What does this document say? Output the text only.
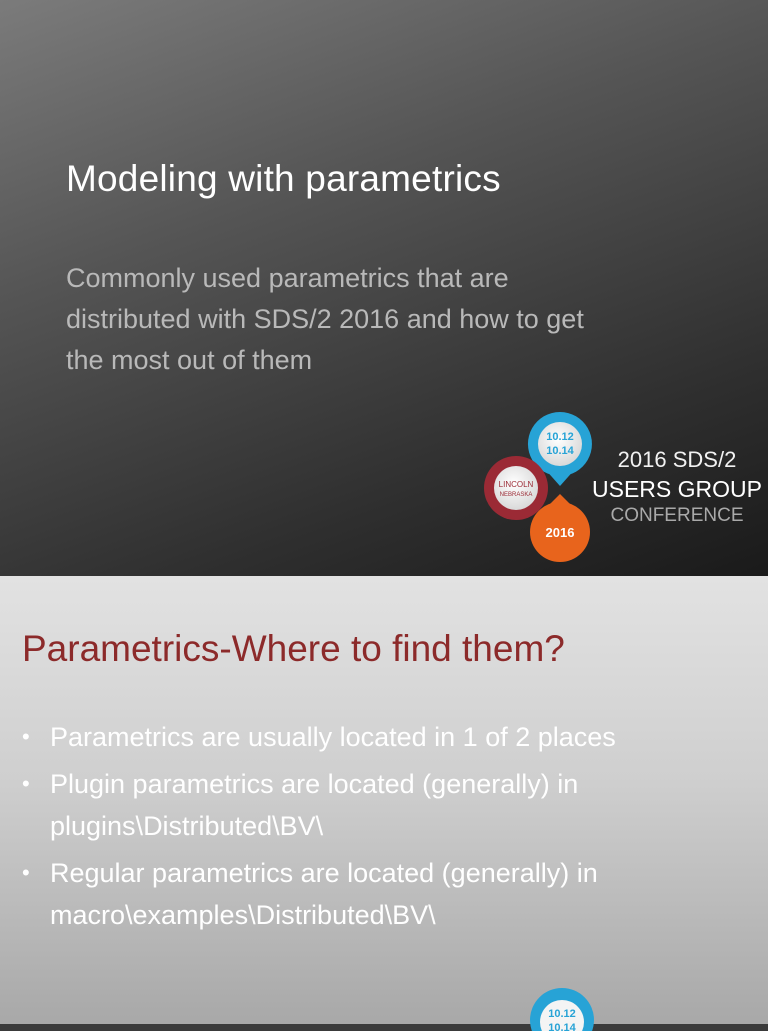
Modeling with parametrics
Commonly used parametrics that are distributed with SDS/2 2016 and how to get the most out of them
10.12
10.14
LINCOLN
NEBRASKA
2016
2016 SDS/2
USERS GROUP
CONFERENCE
Parametrics-Where to find them?
• Parametrics are usually located in 1 of 2 places
• Plugin parametrics are located (generally) in plugins\Distributed\BV\
• Regular parametrics are located (generally) in macro\examples\Distributed\BV\
10.12
10.14
